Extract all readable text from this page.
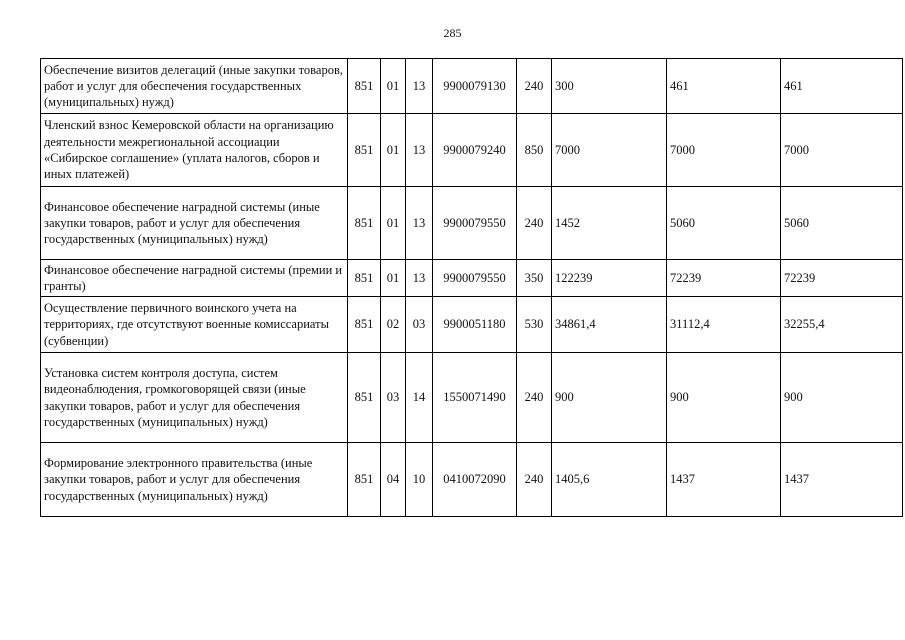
285
Обеспечение визитов делегаций (иные закупки товаров, работ и услуг для обеспечения государственных (муниципальных) нужд)	851	01	13	9900079130	240	300	461	461
Членский взнос Кемеровской области на организацию деятельности межрегиональной ассоциации «Сибирское соглашение» (уплата налогов, сборов и иных платежей)	851	01	13	9900079240	850	7000	7000	7000
Финансовое обеспечение наградной системы (иные закупки товаров, работ и услуг для обеспечения государственных (муниципальных) нужд)	851	01	13	9900079550	240	1452	5060	5060
Финансовое обеспечение наградной системы (премии и гранты)	851	01	13	9900079550	350	122239	72239	72239
Осуществление первичного воинского учета на территориях, где отсутствуют военные комиссариаты (субвенции)	851	02	03	9900051180	530	34861,4	31112,4	32255,4
Установка систем контроля доступа, систем видеонаблюдения, громкоговорящей связи (иные закупки товаров, работ и услуг для обеспечения государственных (муниципальных) нужд)	851	03	14	1550071490	240	900	900	900
Формирование электронного правительства (иные закупки товаров, работ и услуг для обеспечения государственных (муниципальных) нужд)	851	04	10	0410072090	240	1405,6	1437	1437
